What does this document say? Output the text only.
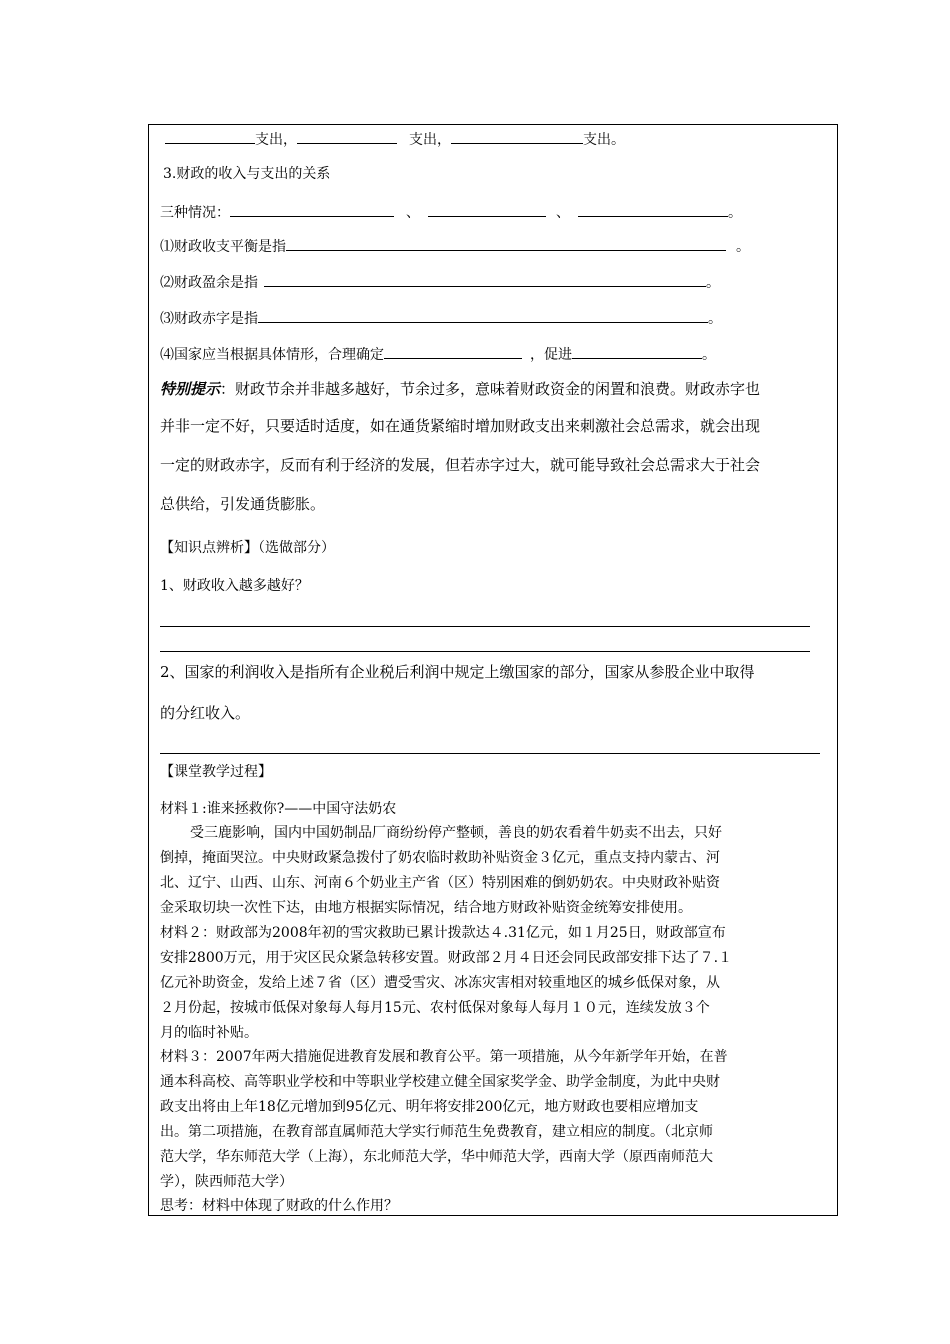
支出，	支出，	支出。
3.财政的收入与支出的关系
三种情况：	、	、	。
⑴财政收支平衡是指	。
⑵财政盈余是指	。
⑶财政赤字是指	。
⑷国家应当根据具体情形，合理确定	，促进	。
特别提示：财政节余并非越多越好，节余过多，意味着财政资金的闲置和浪费。财政赤字也
并非一定不好，只要适时适度，如在通货紧缩时增加财政支出来刺激社会总需求，就会出现
一定的财政赤字，反而有利于经济的发展，但若赤字过大，就可能导致社会总需求大于社会
总供给，引发通货膨胀。
【知识点辨析】（选做部分）
1、财政收入越多越好？
2、国家的利润收入是指所有企业税后利润中规定上缴国家的部分，国家从参股企业中取得
的分红收入。
【课堂教学过程】
材料１:谁来拯救你?——中国守法奶农
受三鹿影响，国内中国奶制品厂商纷纷停产整顿，善良的奶农看着牛奶卖不出去，只好
倒掉，掩面哭泣。中央财政紧急拨付了奶农临时救助补贴资金３亿元，重点支持内蒙古、河
北、辽宁、山西、山东、河南６个奶业主产省（区）特别困难的倒奶奶农。中央财政补贴资
金采取切块一次性下达，由地方根据实际情况，结合地方财政补贴资金统筹安排使用。
材料２：财政部为2008年初的雪灾救助已累计拨款达４.31亿元，如１月25日，财政部宣布
安排2800万元，用于灾区民众紧急转移安置。财政部２月４日还会同民政部安排下达了７.１
亿元补助资金，发给上述７省（区）遭受雪灾、冰冻灾害相对较重地区的城乡低保对象，从
２月份起，按城市低保对象每人每月15元、农村低保对象每人每月１０元，连续发放３个
月的临时补贴。
材料３：2007年两大措施促进教育发展和教育公平。第一项措施，从今年新学年开始，在普
通本科高校、高等职业学校和中等职业学校建立健全国家奖学金、助学金制度，为此中央财
政支出将由上年18亿元增加到95亿元、明年将安排200亿元，地方财政也要相应增加支
出。第二项措施，在教育部直属师范大学实行师范生免费教育，建立相应的制度。（北京师
范大学，华东师范大学（上海），东北师范大学，华中师范大学，西南大学（原西南师范大
学），陕西师范大学）
思考：材料中体现了财政的什么作用？
